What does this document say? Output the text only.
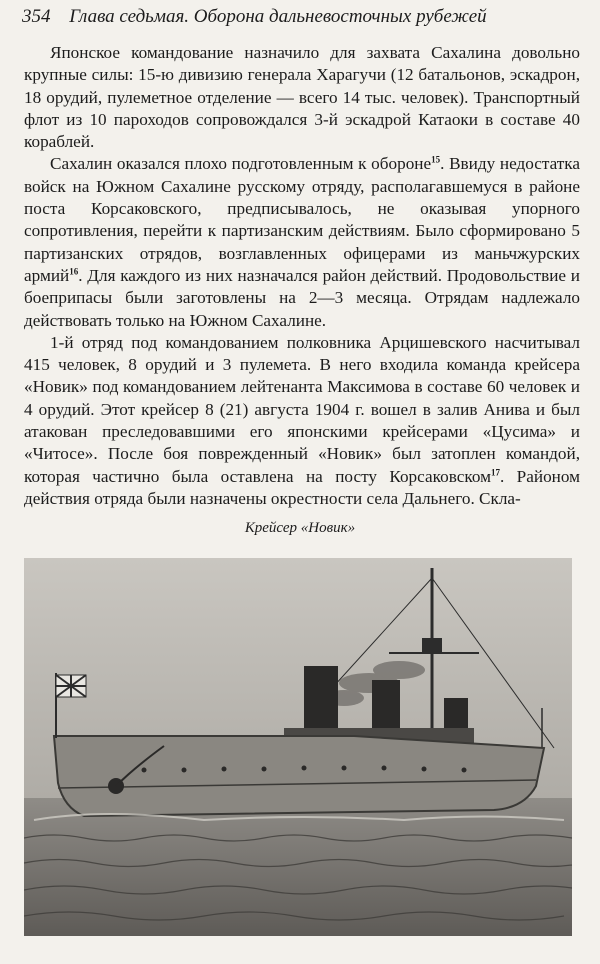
354 Глава седьмая. Оборона дальневосточных рубежей

Японское командование назначило для захвата Сахалина довольно крупные силы: 15-ю дивизию генерала Харагучи (12 батальонов, эскадрон, 18 орудий, пулеметное отделение — всего 14 тыс. человек). Транспортный флот из 10 пароходов сопровождался 3-й эскадрой Катаоки в составе 40 кораблей.

Сахалин оказался плохо подготовленным к обороне$^{15}$. Ввиду недостатка войск на Южном Сахалине русскому отряду, располагавшемуся в районе поста Корсаковского, предписывалось, не оказывая упорного сопротивления, перейти к партизанским действиям. Было сформировано 5 партизанских отрядов, возглавленных офицерами из маньчжурских армий$^{16}$. Для каждого из них назначался район действий. Продовольствие и боеприпасы были заготовлены на 2—3 месяца. Отрядам надлежало действовать только на Южном Сахалине.

1-й отряд под командованием полковника Арцишевского насчитывал 415 человек, 8 орудий и 3 пулемета. В него входила команда крейсера «Новик» под командованием лейтенанта Максимова в составе 60 человек и 4 орудий. Этот крейсер 8 (21) августа 1904 г. вошел в залив Анива и был атакован преследовавшими его японскими крейсерами «Цусима» и «Читосе». После боя поврежденный «Новик» был затоплен командой, которая частично была оставлена на посту Корсаковском$^{17}$. Районом действия отряда были назначены окрестности села Дальнего. Скла-

Крейсер «Новик»
